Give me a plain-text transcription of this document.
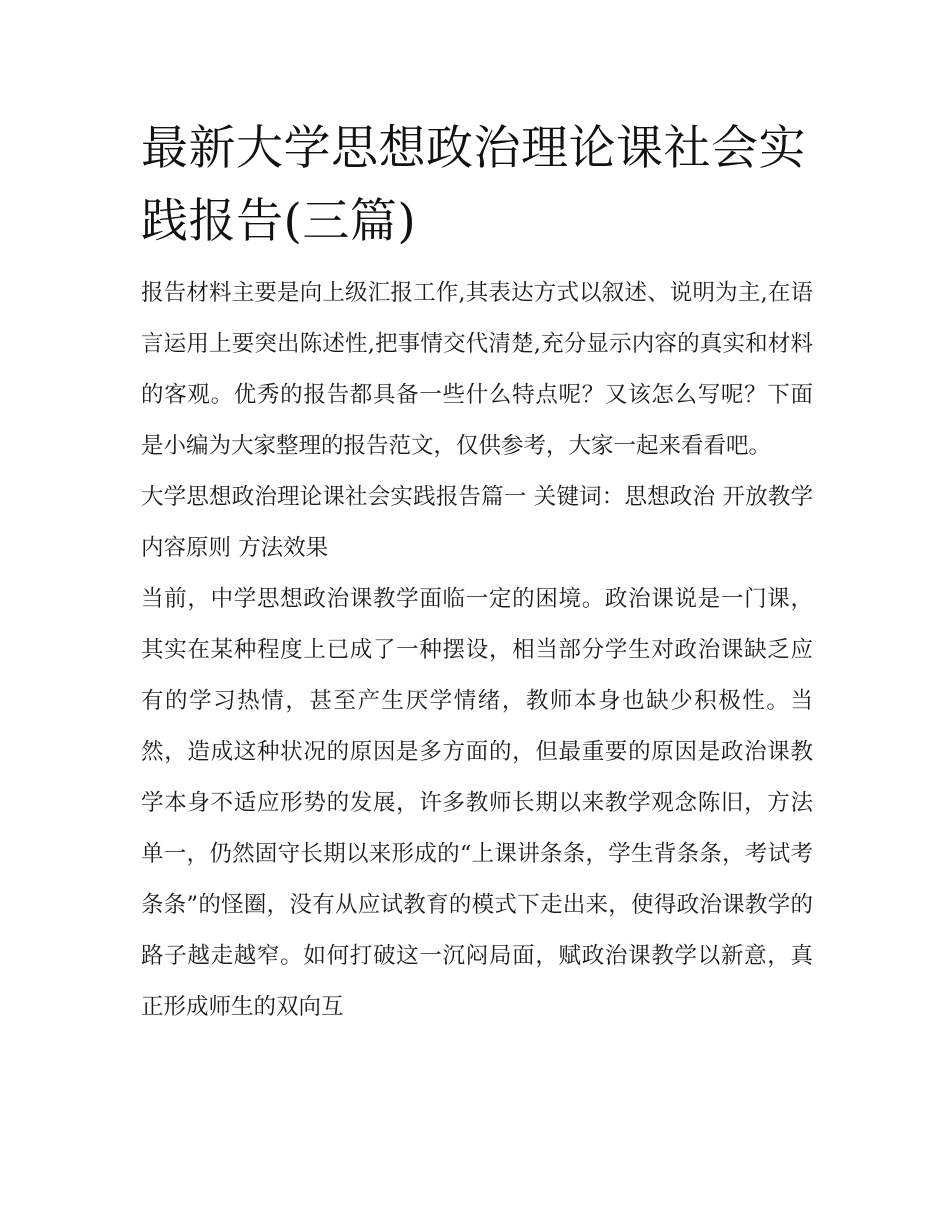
最新大学思想政治理论课社会实践报告(三篇)

报告材料主要是向上级汇报工作,其表达方式以叙述、说明为主,在语言运用上要突出陈述性,把事情交代清楚,充分显示内容的真实和材料的客观。优秀的报告都具备一些什么特点呢？又该怎么写呢？下面是小编为大家整理的报告范文，仅供参考，大家一起来看看吧。

大学思想政治理论课社会实践报告篇一 关键词：思想政治 开放教学 内容原则 方法效果

当前，中学思想政治课教学面临一定的困境。政治课说是一门课，其实在某种程度上已成了一种摆设，相当部分学生对政治课缺乏应有的学习热情，甚至产生厌学情绪，教师本身也缺少积极性。当然，造成这种状况的原因是多方面的，但最重要的原因是政治课教学本身不适应形势的发展，许多教师长期以来教学观念陈旧，方法单一，仍然固守长期以来形成的“上课讲条条，学生背条条，考试考条条”的怪圈，没有从应试教育的模式下走出来，使得政治课教学的路子越走越窄。如何打破这一沉闷局面，赋政治课教学以新意，真正形成师生的双向互
